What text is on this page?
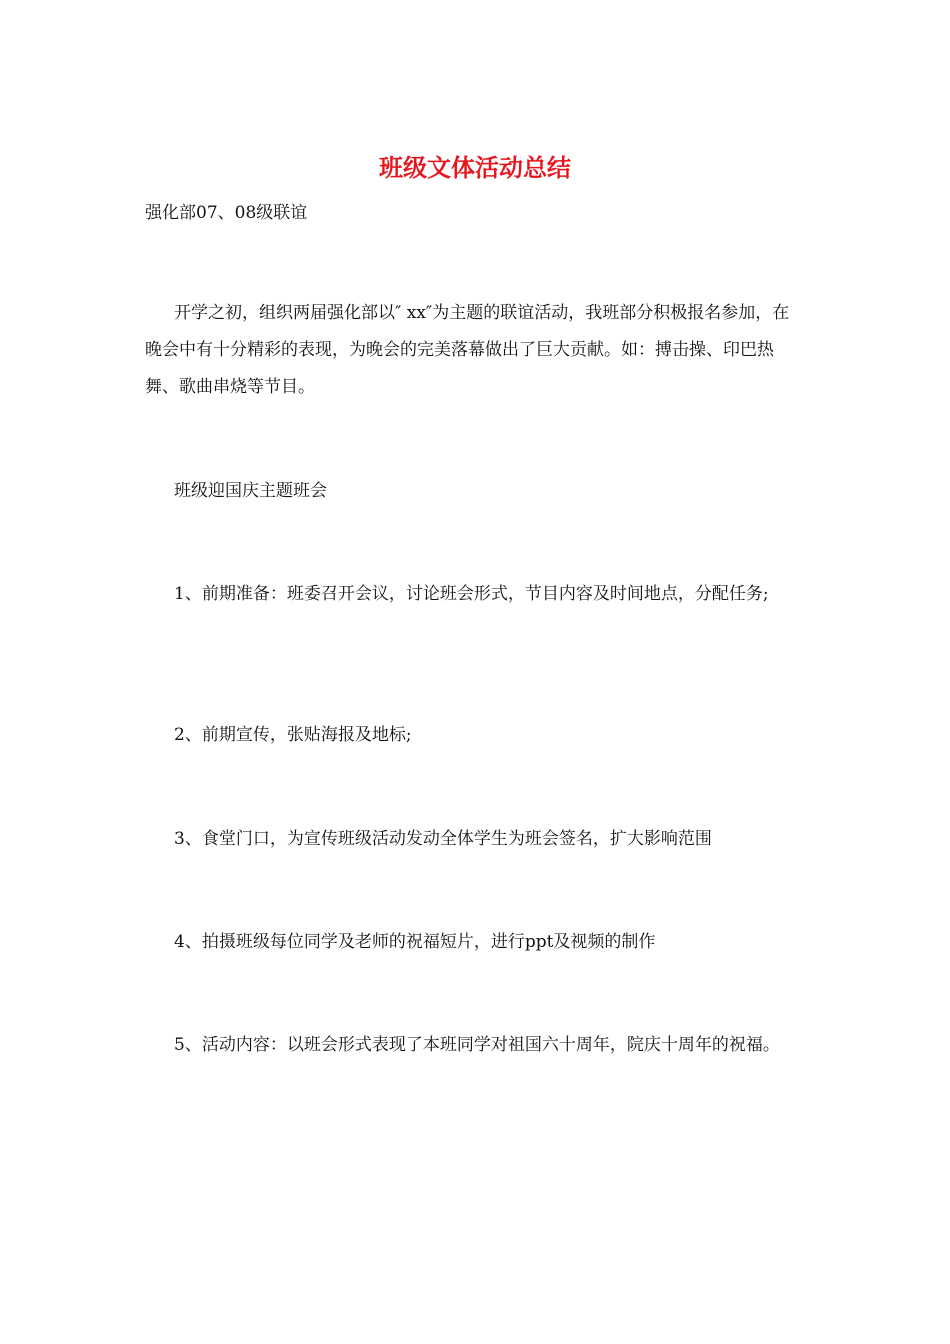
班级文体活动总结

强化部07、08级联谊

开学之初，组织两届强化部以″ xx″为主题的联谊活动，我班部分积极报名参加，在晚会中有十分精彩的表现，为晚会的完美落幕做出了巨大贡献。如：搏击操、印巴热舞、歌曲串烧等节目。

班级迎国庆主题班会

1、前期准备：班委召开会议，讨论班会形式，节目内容及时间地点，分配任务;

2、前期宣传，张贴海报及地标;

3、食堂门口，为宣传班级活动发动全体学生为班会签名，扩大影响范围

4、拍摄班级每位同学及老师的祝福短片，进行ppt及视频的制作

5、活动内容：以班会形式表现了本班同学对祖国六十周年，院庆十周年的祝福。
